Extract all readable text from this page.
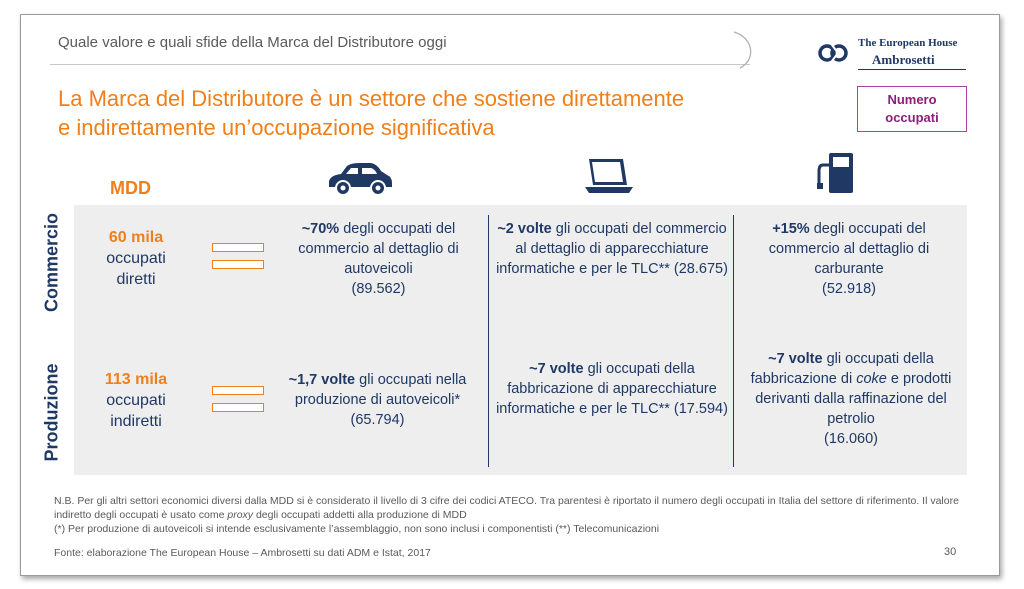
Quale valore e quali sfide della Marca del Distributore oggi	The European House
Ambrosetti
La Marca del Distributore è un settore che sostiene direttamente
e indirettamente un’occupazione significativa
Numero
occupati
MDD
Commercio
Produzione
60 mila
occupati
diretti
113 mila
occupati
indiretti
~70% degli occupati del commercio al dettaglio di autoveicoli
(89.562)
~2 volte gli occupati del commercio al dettaglio di apparecchiature informatiche e per le TLC** (28.675)
+15% degli occupati del commercio al dettaglio di carburante
(52.918)
~1,7 volte gli occupati nella produzione di autoveicoli*
(65.794)
~7 volte gli occupati della fabbricazione di apparecchiature informatiche e per le TLC** (17.594)
~7 volte gli occupati della fabbricazione di coke e prodotti derivanti dalla raffinazione del petrolio
(16.060)
N.B. Per gli altri settori economici diversi dalla MDD si è considerato il livello di 3 cifre dei codici ATECO. Tra parentesi è riportato il numero degli occupati in Italia del settore di riferimento. Il valore indiretto degli occupati è usato come proxy degli occupati addetti alla produzione di MDD
(*) Per produzione di autoveicoli si intende esclusivamente l’assemblaggio, non sono inclusi i componentisti (**) Telecomunicazioni
Fonte: elaborazione The European House – Ambrosetti su dati ADM e Istat, 2017	30
